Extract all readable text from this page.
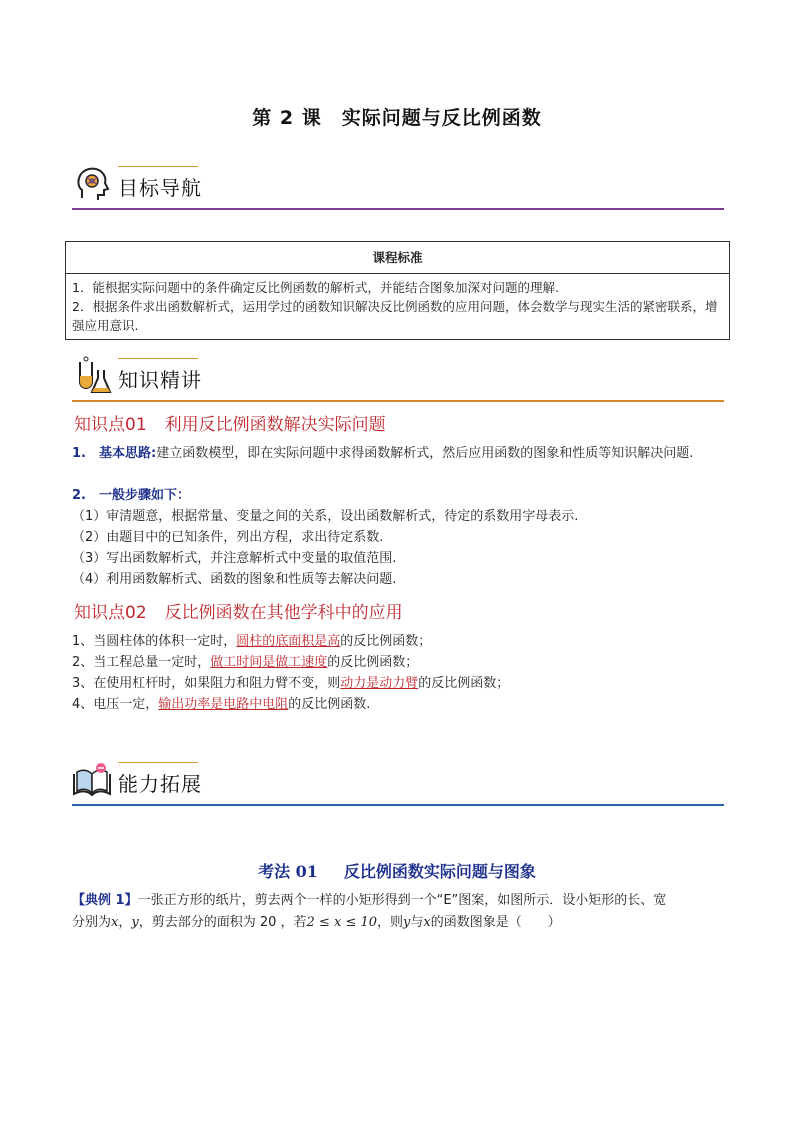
第 2 课　实际问题与反比例函数
目标导航
课程标准

1．能根据实际问题中的条件确定反比例函数的解析式，并能结合图象加深对问题的理解.
2．根据条件求出函数解析式，运用学过的函数知识解决反比例函数的应用问题，体会数学与现实生活的紧密联系，增强应用意识.
知识精讲
知识点01 利用反比例函数解决实际问题
1.　基本思路:建立函数模型，即在实际问题中求得函数解析式，然后应用函数的图象和性质等知识解决问题.
2.　一般步骤如下：
（1）审清题意，根据常量、变量之间的关系，设出函数解析式，待定的系数用字母表示.
（2）由题目中的已知条件，列出方程，求出待定系数.
（3）写出函数解析式，并注意解析式中变量的取值范围.
（4）利用函数解析式、函数的图象和性质等去解决问题.
知识点02 反比例函数在其他学科中的应用
1、当圆柱体的体积一定时，圆柱的底面积是高的反比例函数；
2、当工程总量一定时，做工时间是做工速度的反比例函数；
3、在使用杠杆时，如果阻力和阻力臂不变，则动力是动力臂的反比例函数；
4、电压一定，输出功率是电路中电阻的反比例函数.
能力拓展
考法 01 反比例函数实际问题与图象
【典例 1】一张正方形的纸片，剪去两个一样的小矩形得到一个“E”图案，如图所示．设小矩形的长、宽
分别为x，y，剪去部分的面积为 20 ，若2 ≤ x ≤ 10，则y与x的函数图象是（　　）
